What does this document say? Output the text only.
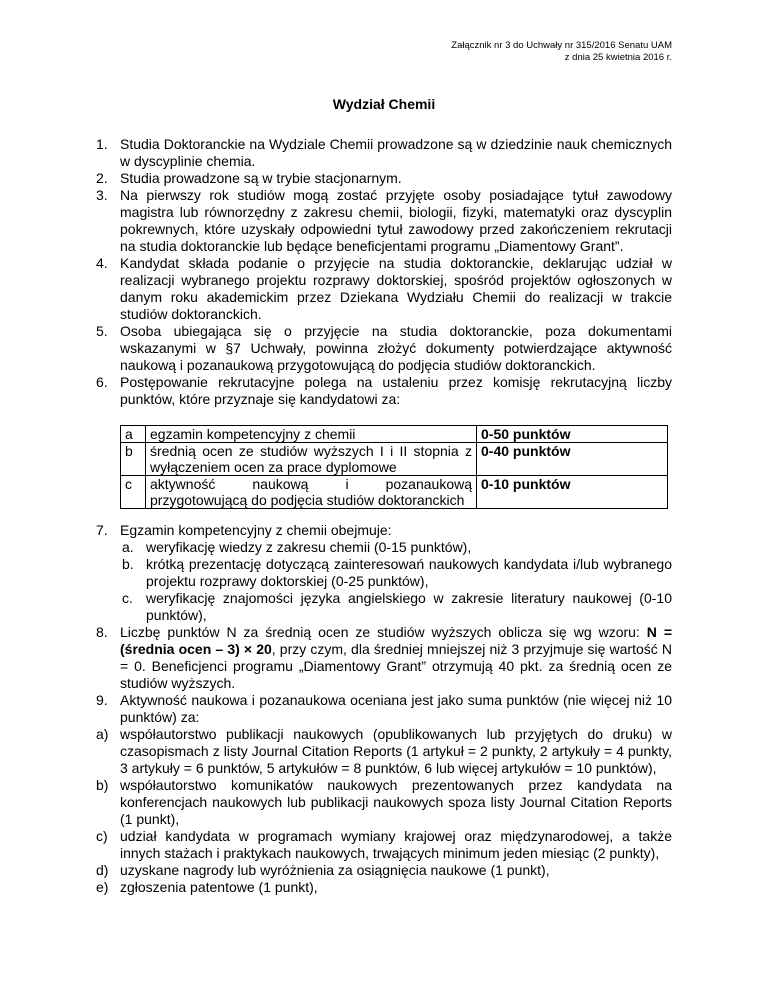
Załącznik nr 3 do Uchwały nr 315/2016 Senatu UAM
z dnia 25 kwietnia 2016 r.
Wydział Chemii
1. Studia Doktoranckie na Wydziale Chemii prowadzone są w dziedzinie nauk chemicznych w dyscyplinie chemia.
2. Studia prowadzone są w trybie stacjonarnym.
3. Na pierwszy rok studiów mogą zostać przyjęte osoby posiadające tytuł zawodowy magistra lub równorzędny z zakresu chemii, biologii, fizyki, matematyki oraz dyscyplin pokrewnych, które uzyskały odpowiedni tytuł zawodowy przed zakończeniem rekrutacji na studia doktoranckie lub będące beneficjentami programu „Diamentowy Grant”.
4. Kandydat składa podanie o przyjęcie na studia doktoranckie, deklarując udział w realizacji wybranego projektu rozprawy doktorskiej, spośród projektów ogłoszonych w danym roku akademickim przez Dziekana Wydziału Chemii do realizacji w trakcie studiów doktoranckich.
5. Osoba ubiegająca się o przyjęcie na studia doktoranckie, poza dokumentami wskazanymi w §7 Uchwały, powinna złożyć dokumenty potwierdzające aktywność naukową i pozanaukową przygotowującą do podjęcia studiów doktoranckich.
6. Postępowanie rekrutacyjne polega na ustaleniu przez komisję rekrutacyjną liczby punktów, które przyznaje się kandydatowi za:
a	egzamin kompetencyjny z chemii	0-50 punktów
b	średnią ocen ze studiów wyższych I i II stopnia z wyłączeniem ocen za prace dyplomowe	0-40 punktów
c	aktywność naukową i pozanaukową przygotowującą do podjęcia studiów doktoranckich	0-10 punktów
7. Egzamin kompetencyjny z chemii obejmuje:
a. weryfikację wiedzy z zakresu chemii (0-15 punktów),
b. krótką prezentację dotyczącą zainteresowań naukowych kandydata i/lub wybranego projektu rozprawy doktorskiej (0-25 punktów),
c. weryfikację znajomości języka angielskiego w zakresie literatury naukowej (0-10 punktów),
8. Liczbę punktów N za średnią ocen ze studiów wyższych oblicza się wg wzoru: N = (średnia ocen – 3) × 20, przy czym, dla średniej mniejszej niż 3 przyjmuje się wartość N = 0. Beneficjenci programu „Diamentowy Grant” otrzymują 40 pkt. za średnią ocen ze studiów wyższych.
9. Aktywność naukowa i pozanaukowa oceniana jest jako suma punktów (nie więcej niż 10 punktów) za:
a) współautorstwo publikacji naukowych (opublikowanych lub przyjętych do druku) w czasopismach z listy Journal Citation Reports (1 artykuł = 2 punkty, 2 artykuły = 4 punkty, 3 artykuły = 6 punktów, 5 artykułów = 8 punktów, 6 lub więcej artykułów = 10 punktów),
b) współautorstwo komunikatów naukowych prezentowanych przez kandydata na konferencjach naukowych lub publikacji naukowych spoza listy Journal Citation Reports (1 punkt),
c) udział kandydata w programach wymiany krajowej oraz międzynarodowej, a także innych stażach i praktykach naukowych, trwających minimum jeden miesiąc (2 punkty),
d) uzyskane nagrody lub wyróżnienia za osiągnięcia naukowe (1 punkt),
e) zgłoszenia patentowe (1 punkt),
